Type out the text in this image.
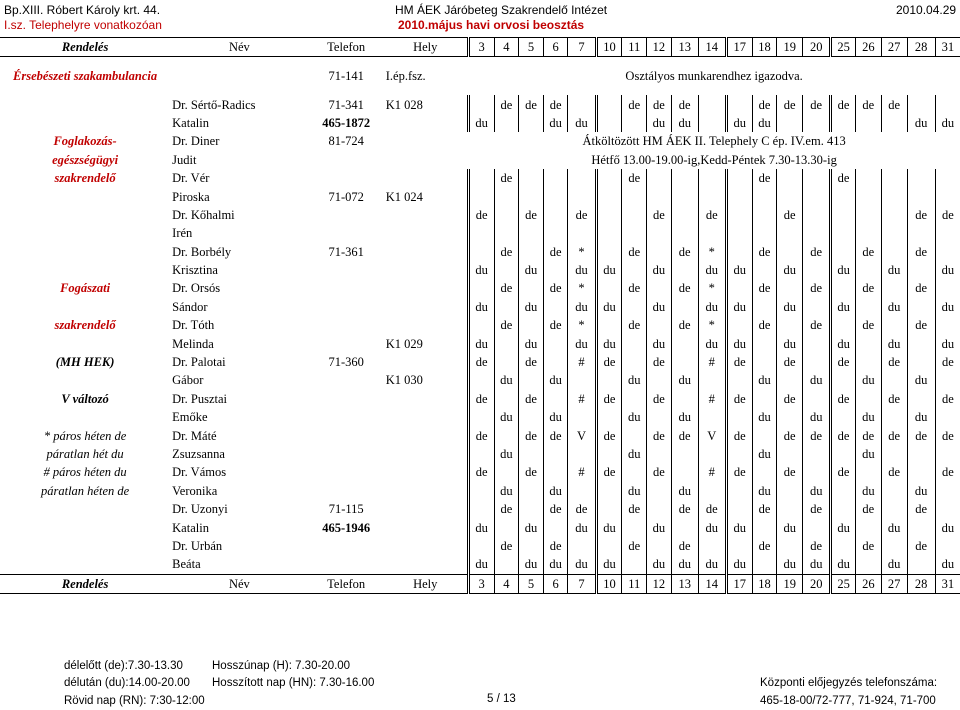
Bp.XIII. Róbert Károly krt. 44.
I.sz. Telephelyre vonatkozóan
HM ÁEK Járóbeteg Szakrendelő Intézet
2010.május havi orvosi beosztás
2010.04.29
Rendelés	Név	Telefon	Hely	3	4	5	6	7	10	11	12	13	14	17	18	19	20	25	26	27	28	31
Érsebészeti szakambulancia		71-141	I.ép.fsz.	Osztályos munkarendhez igazodva.																		
	Dr. Sértő-Radics	71-341	K1 028		de	de	de			de	de	de			de	de	de	de	de	de		
	Katalin	465-1872		du			du	du			du	du		du	du						du	du
Foglakozás-	Dr. Diner	81-724		Átköltözött HM ÁEK II. Telephely C ép. IV.em. 413																		
egészségügyi	Judit			Hétfő 13.00-19.00-ig,Kedd-Péntek 7.30-13.30-ig																		
szakrendelő	Dr. Vér				de					de					de			de				
	Piroska	71-072	K1 024																			
	Dr. Kőhalmi			de		de		de			de		de			de					de	de
	Irén																					
	Dr. Borbély	71-361			de		de	*		de		de	*		de		de		de		de	
	Krisztina			du		du		du	du		du		du	du		du		du		du		du
Fogászati	Dr. Orsós				de		de	*		de		de	*		de		de		de		de	
	Sándor			du		du		du	du		du		du	du		du		du		du		du
szakrendelő	Dr. Tóth				de		de	*		de		de	*		de		de		de		de	
	Melinda		K1 029	du		du		du	du		du		du	du		du		du		du		du
(MH HEK)	Dr. Palotai	71-360		de		de		#	de		de		#	de		de		de		de		de
	Gábor		K1 030		du		du			du		du			du		du		du		du	
V változó	Dr. Pusztai			de		de		#	de		de		#	de		de		de		de		de
	Emőke				du		du			du		du			du		du		du		du	
* páros héten de	Dr. Máté			de		de	de	V	de		de	de	V	de		de	de	de	de	de	de	de
páratlan hét du	Zsuzsanna				du					du					du				du			
# páros héten du	Dr. Vámos			de		de		#	de		de		#	de		de		de		de		de
páratlan héten de	Veronika				du		du			du		du			du		du		du		du	
	Dr. Uzonyi	71-115			de		de	de		de		de	de		de		de		de		de	
	Katalin	465-1946		du		du		du	du		du		du	du		du		du		du		du
	Dr. Urbán				de		de			de		de			de		de		de		de	
	Beáta			du		du	du	du	du		du	du	du	du		du	du	du		du		du
Rendelés	Név	Telefon	Hely	3	4	5	6	7	10	11	12	13	14	17	18	19	20	25	26	27	28	31
délelőtt (de):7.30-13.30
délután (du):14.00-20.00
Rövid nap (RN): 7:30-12:00
Hosszúnap (H): 7.30-20.00
Hosszított nap (HN): 7.30-16.00
5 / 13
Központi előjegyzés telefonszáma:
465-18-00/72-777, 71-924, 71-700
